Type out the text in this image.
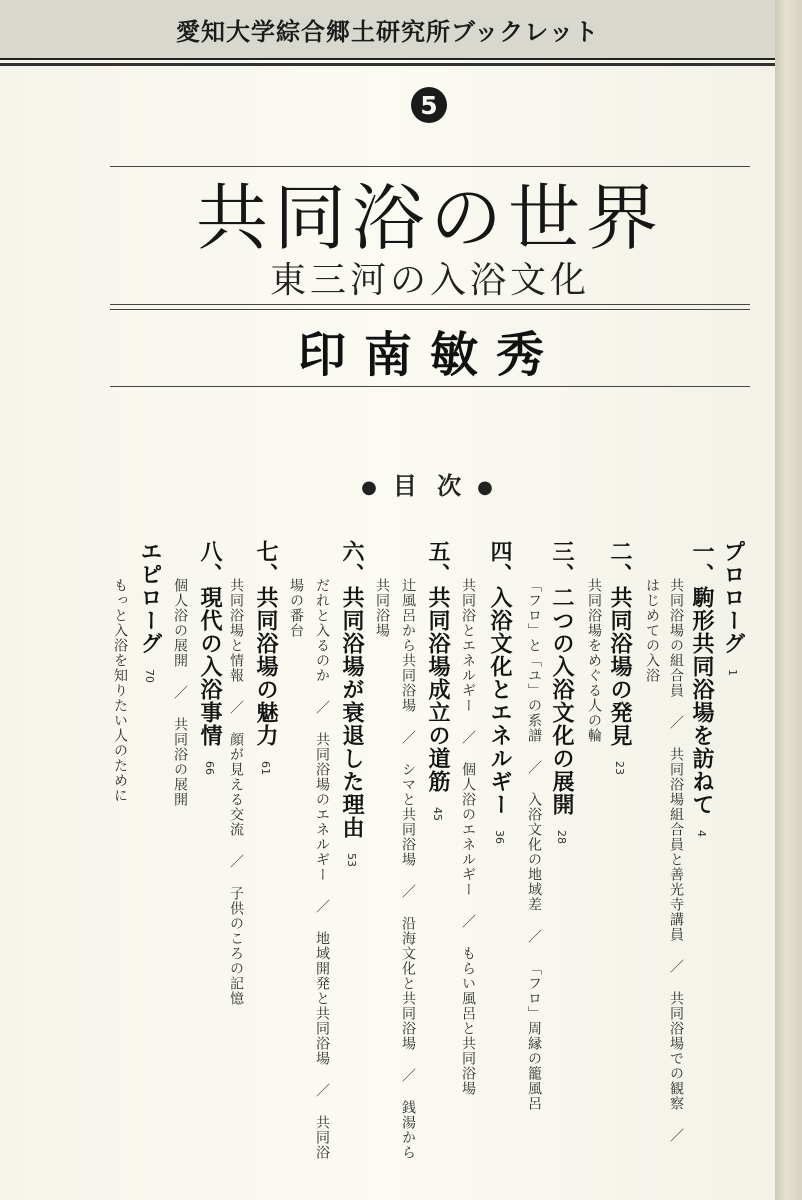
愛知大学綜合郷土研究所ブックレット
5
共同浴の世界
東三河の入浴文化
印南敏秀
● 目 次 ●
プロローグ1
一、駒形共同浴場を訪ねて4
共同浴場の組合員 ／ 共同浴場組合員と善光寺講員 ／ 共同浴場での観察 ／
はじめての入浴
二、共同浴場の発見23
共同浴場をめぐる人の輪
三、二つの入浴文化の展開28
「フロ」と「ユ」の系譜 ／ 入浴文化の地域差 ／ 「フロ」周縁の籠風呂
四、入浴文化とエネルギー36
共同浴とエネルギー ／ 個人浴のエネルギー ／ もらい風呂と共同浴場
五、共同浴場成立の道筋45
辻風呂から共同浴場 ／ シマと共同浴場 ／ 沿海文化と共同浴場 ／ 銭湯から
共同浴場
六、共同浴場が衰退した理由53
だれと入るのか ／ 共同浴場のエネルギー ／ 地域開発と共同浴場 ／ 共同浴
場の番台
七、共同浴場の魅力61
共同浴場と情報 ／ 顔が見える交流 ／ 子供のころの記憶
八、現代の入浴事情66
個人浴の展開 ／ 共同浴の展開
エピローグ70
もっと入浴を知りたい人のために
